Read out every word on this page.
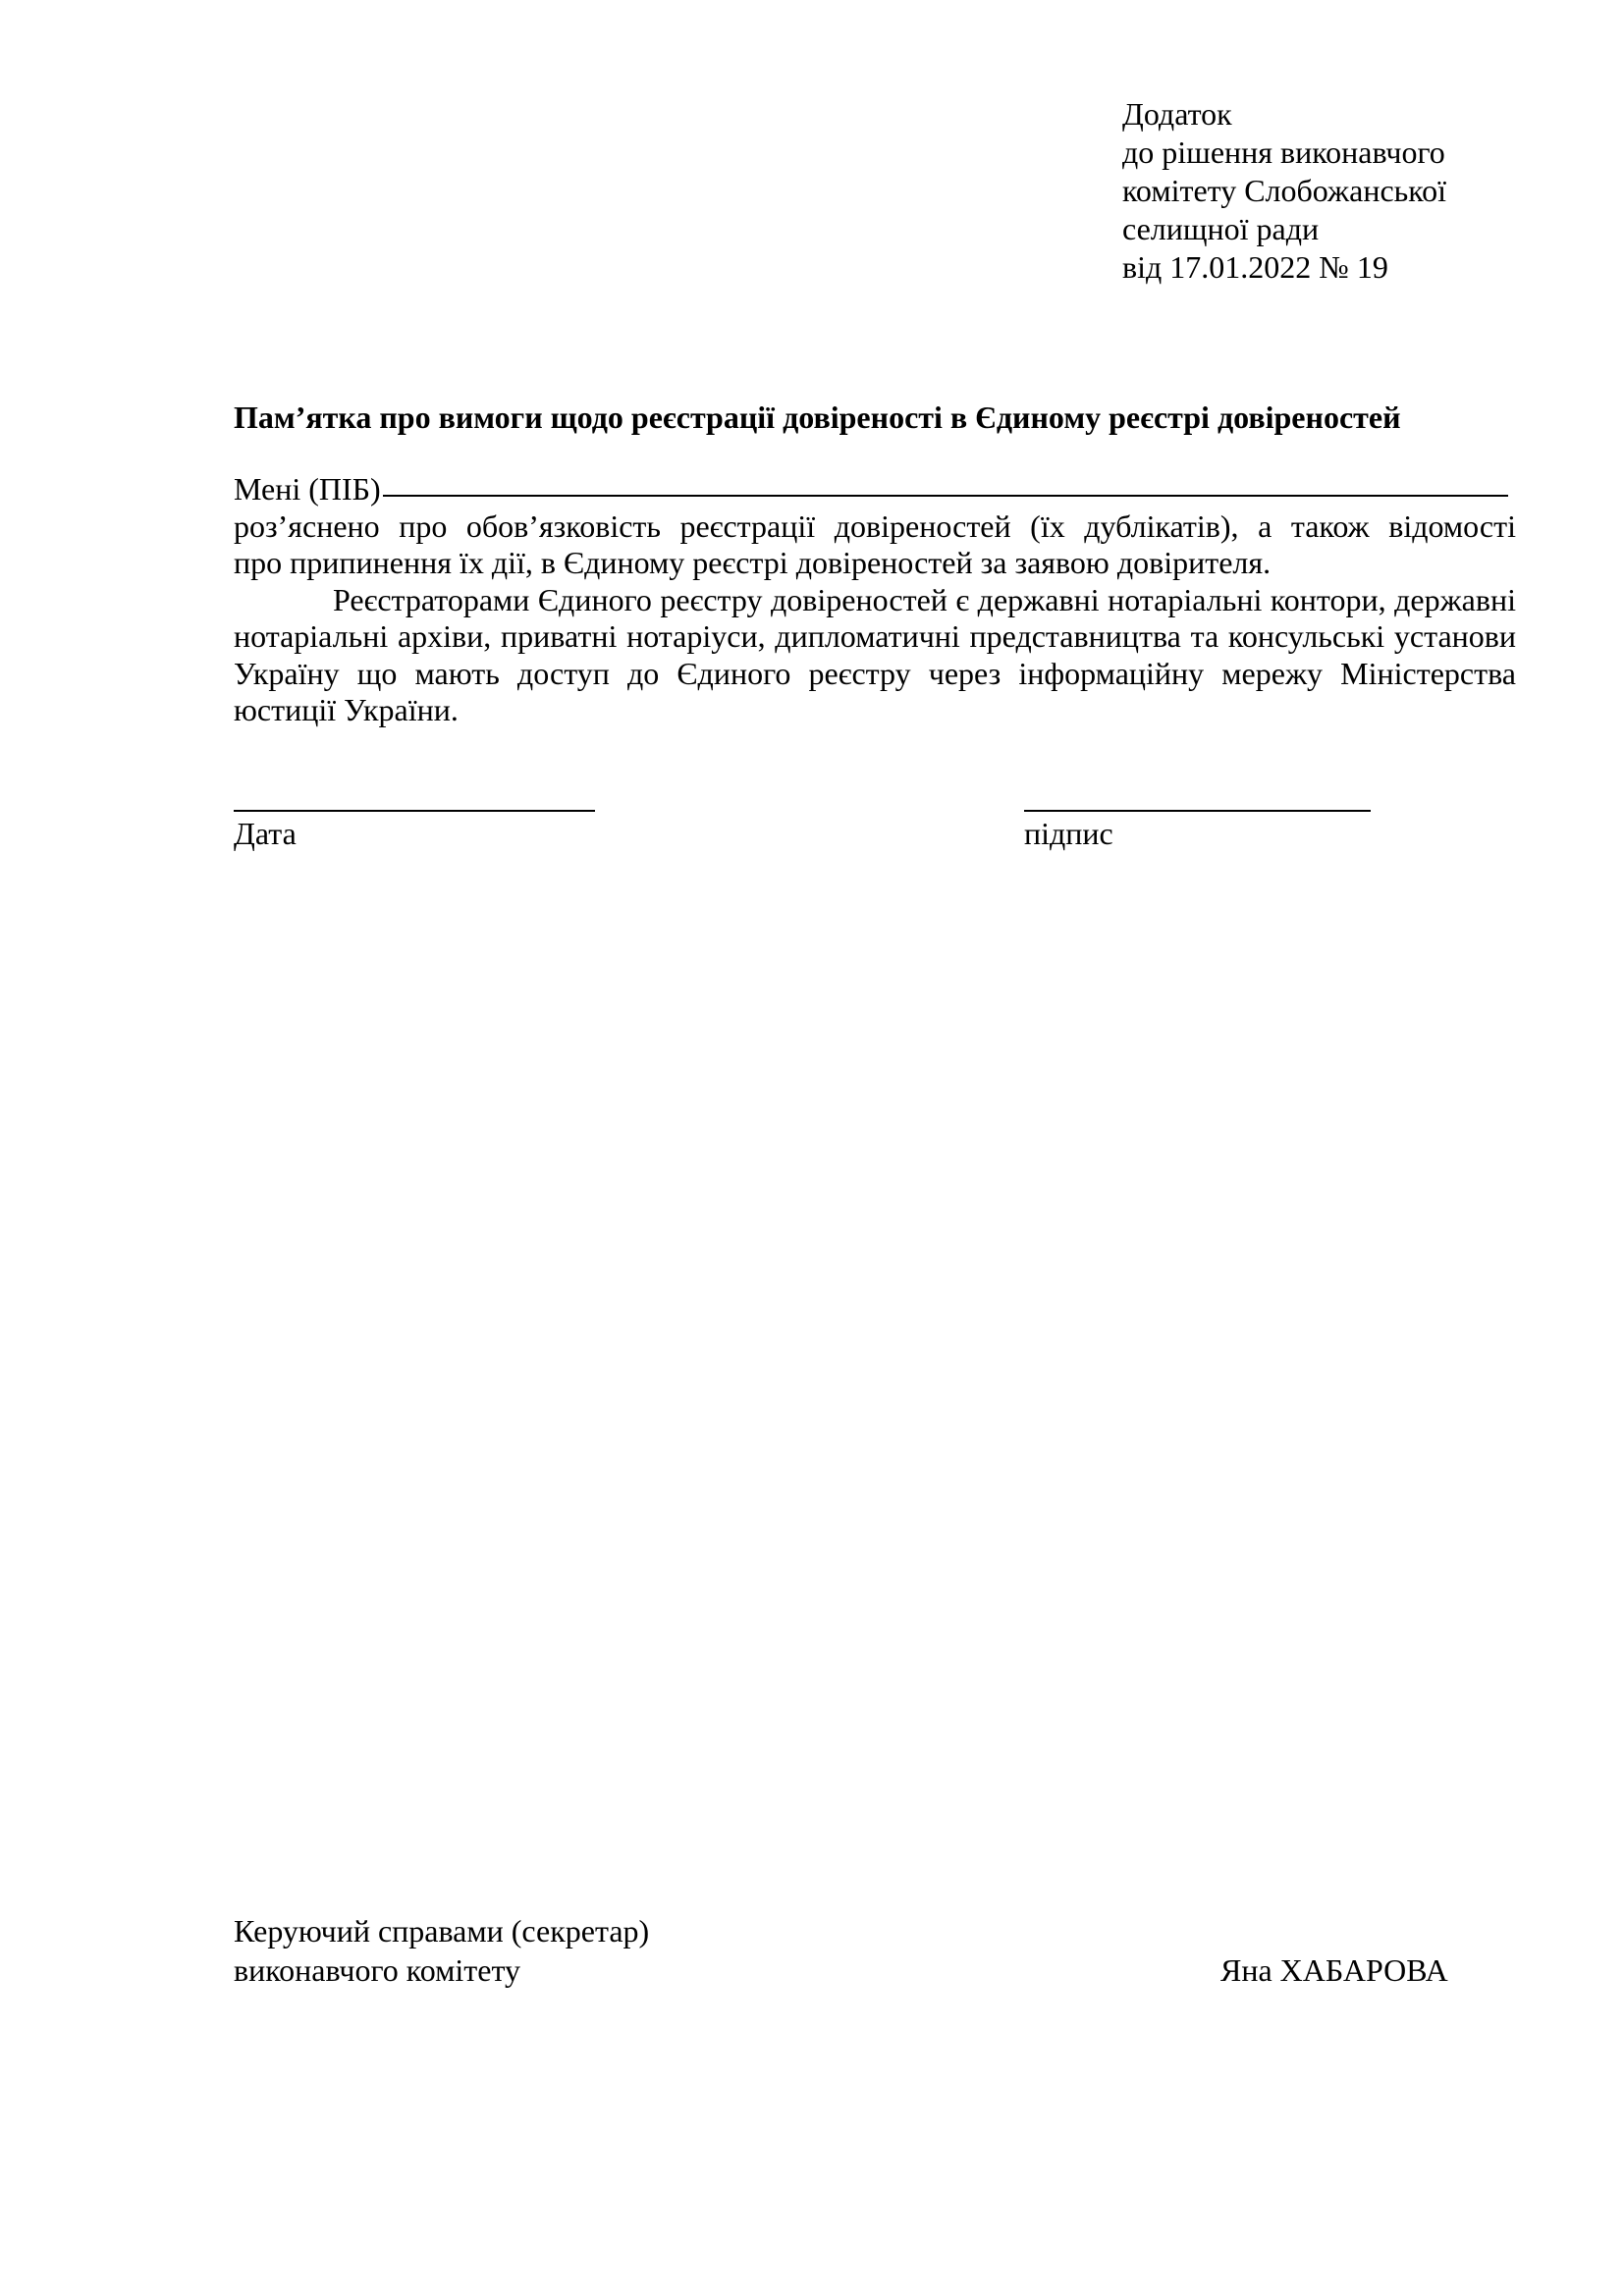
Додаток
до рішення виконавчого
комітету Слобожанської
селищної ради
від 17.01.2022 № 19
Пам’ятка про вимоги щодо реєстрації довіреності в Єдиному реєстрі довіреностей
Мені (ПІБ)
роз’яснено про обов’язковість реєстрації довіреностей (їх дублікатів), а також відомості
про припинення їх дії, в Єдиному реєстрі довіреностей за заявою довірителя.
Реєстраторами Єдиного реєстру довіреностей є державні нотаріальні контори, державні нотаріальні архіви, приватні нотаріуси, дипломатичні представництва та консульські установи Україну що мають доступ до Єдиного реєстру через інформаційну мережу Міністерства юстиції України.
Дата	підпис
Керуючий справами (секретар)
виконавчого комітету	Яна ХАБАРОВА
